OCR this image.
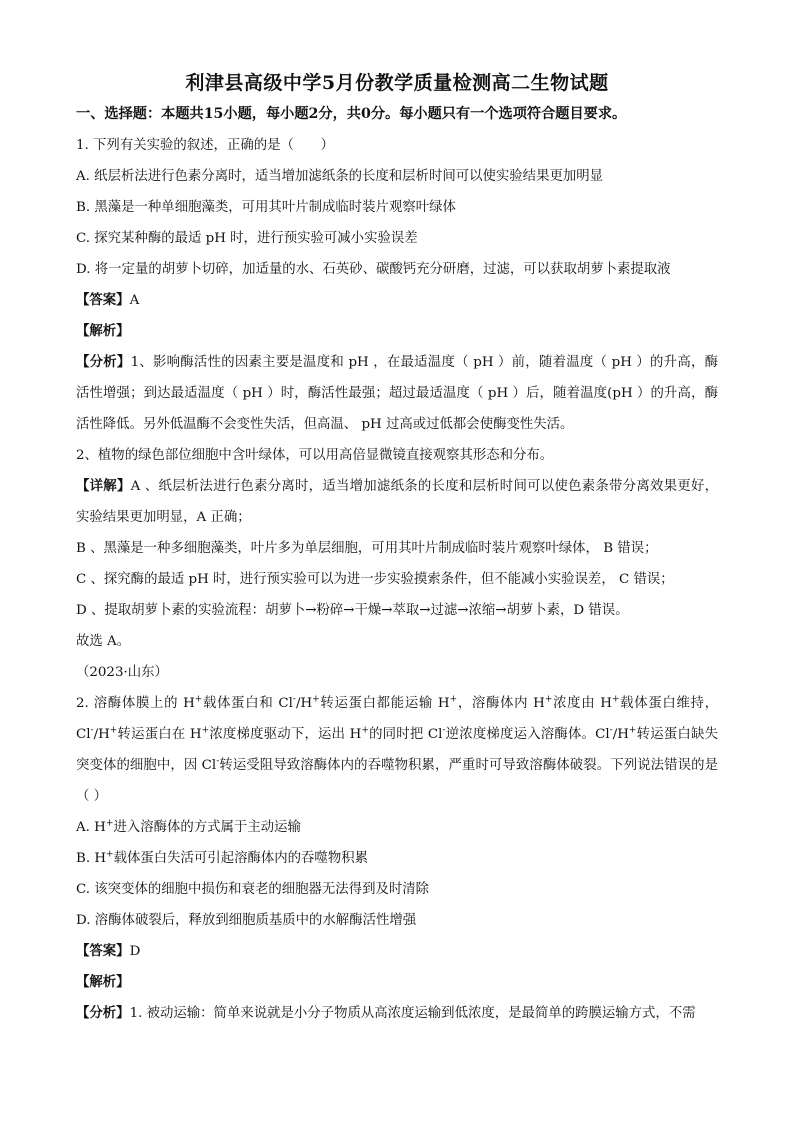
利津县高级中学5月份教学质量检测高二生物试题

一、选择题：本题共15小题，每小题2分，共0分。每小题只有一个选项符合题目要求。

1. 下列有关实验的叙述，正确的是（　　）

A. 纸层析法进行色素分离时，适当增加滤纸条的长度和层析时间可以使实验结果更加明显

B. 黑藻是一种单细胞藻类，可用其叶片制成临时装片观察叶绿体

C. 探究某种酶的最适 pH 时，进行预实验可减小实验误差

D. 将一定量的胡萝卜切碎，加适量的水、石英砂、碳酸钙充分研磨，过滤，可以获取胡萝卜素提取液

【答案】A

【解析】

【分析】1、影响酶活性的因素主要是温度和 pH ，在最适温度（ pH ）前，随着温度（ pH ）的升高，酶活性增强；到达最适温度（ pH ）时，酶活性最强；超过最适温度（ pH ）后，随着温度(pH ）的升高，酶活性降低。另外低温酶不会变性失活，但高温、 pH 过高或过低都会使酶变性失活。

2、植物的绿色部位细胞中含叶绿体，可以用高倍显微镜直接观察其形态和分布。

【详解】A 、纸层析法进行色素分离时，适当增加滤纸条的长度和层析时间可以使色素条带分离效果更好，实验结果更加明显，A 正确；

B 、黑藻是一种多细胞藻类，叶片多为单层细胞，可用其叶片制成临时装片观察叶绿体， B 错误；

C 、探究酶的最适 pH 时，进行预实验可以为进一步实验摸索条件，但不能减小实验误差， C 错误；

D 、提取胡萝卜素的实验流程：胡萝卜→粉碎→干燥→萃取→过滤→浓缩→胡萝卜素，D 错误。

故选 A。

（2023·山东）

2. 溶酶体膜上的 H+载体蛋白和 Cl-/H+转运蛋白都能运输 H+，溶酶体内 H+浓度由 H+载体蛋白维持，Cl-/H+转运蛋白在 H+浓度梯度驱动下，运出 H+的同时把 Cl-逆浓度梯度运入溶酶体。Cl-/H+转运蛋白缺失突变体的细胞中，因 Cl-转运受阻导致溶酶体内的吞噬物积累，严重时可导致溶酶体破裂。下列说法错误的是（ ）

A. H+进入溶酶体的方式属于主动运输

B. H+载体蛋白失活可引起溶酶体内的吞噬物积累

C. 该突变体的细胞中损伤和衰老的细胞器无法得到及时清除

D. 溶酶体破裂后，释放到细胞质基质中的水解酶活性增强

【答案】D

【解析】

【分析】1. 被动运输：简单来说就是小分子物质从高浓度运输到低浓度，是最简单的跨膜运输方式，不需
